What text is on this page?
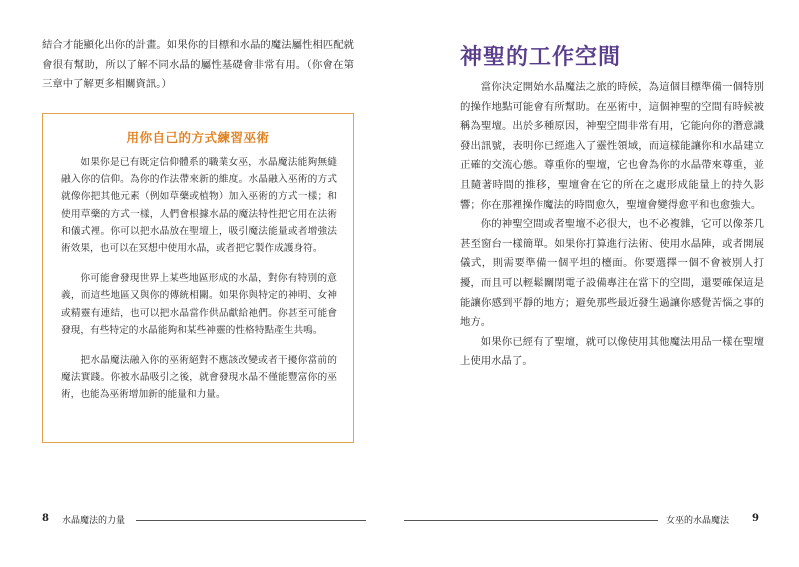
結合才能顯化出你的計畫。如果你的目標和水晶的魔法屬性相匹配就會很有幫助，所以了解不同水晶的屬性基礎會非常有用。（你會在第三章中了解更多相關資訊。）

用你自己的方式練習巫術

如果你是已有既定信仰體系的職業女巫，水晶魔法能夠無縫融入你的信仰。為你的作法帶來新的維度。水晶融入巫術的方式就像你把其他元素（例如草藥或植物）加入巫術的方式一樣；和使用草藥的方式一樣，人們會根據水晶的魔法特性把它用在法術和儀式裡。你可以把水晶放在聖壇上，吸引魔法能量或者增強法術效果，也可以在冥想中使用水晶，或者把它製作成護身符。

你可能會發現世界上某些地區形成的水晶，對你有特別的意義，而這些地區又與你的傳統相關。如果你與特定的神明、女神或精靈有連結，也可以把水晶當作供品獻給祂們。你甚至可能會發現，有些特定的水晶能夠和某些神靈的性格特點產生共鳴。

把水晶魔法融入你的巫術絕對不應該改變或者干擾你當前的魔法實踐。你被水晶吸引之後，就會發現水晶不僅能豐富你的巫術，也能為巫術增加新的能量和力量。

8 水晶魔法的力量
神聖的工作空間

當你決定開始水晶魔法之旅的時候，為這個目標準備一個特別的操作地點可能會有所幫助。在巫術中，這個神聖的空間有時候被稱為聖壇。出於多種原因，神聖空間非常有用，它能向你的潛意識發出訊號，表明你已經進入了靈性領域，而這樣能讓你和水晶建立正確的交流心態。尊重你的聖壇，它也會為你的水晶帶來尊重，並且隨著時間的推移，聖壇會在它的所在之處形成能量上的持久影響；你在那裡操作魔法的時間愈久，聖壇會變得愈平和也愈強大。

你的神聖空間或者聖壇不必很大，也不必複雜，它可以像茶几甚至窗台一樣簡單。如果你打算進行法術、使用水晶陣，或者開展儀式，則需要準備一個平坦的檯面。你要選擇一個不會被別人打擾，而且可以輕鬆關閉電子設備專注在當下的空間，還要確保這是能讓你感到平靜的地方；避免那些最近發生過讓你感覺苦惱之事的地方。

如果你已經有了聖壇，就可以像使用其他魔法用品一樣在聖壇上使用水晶了。

女巫的水晶魔法 9
